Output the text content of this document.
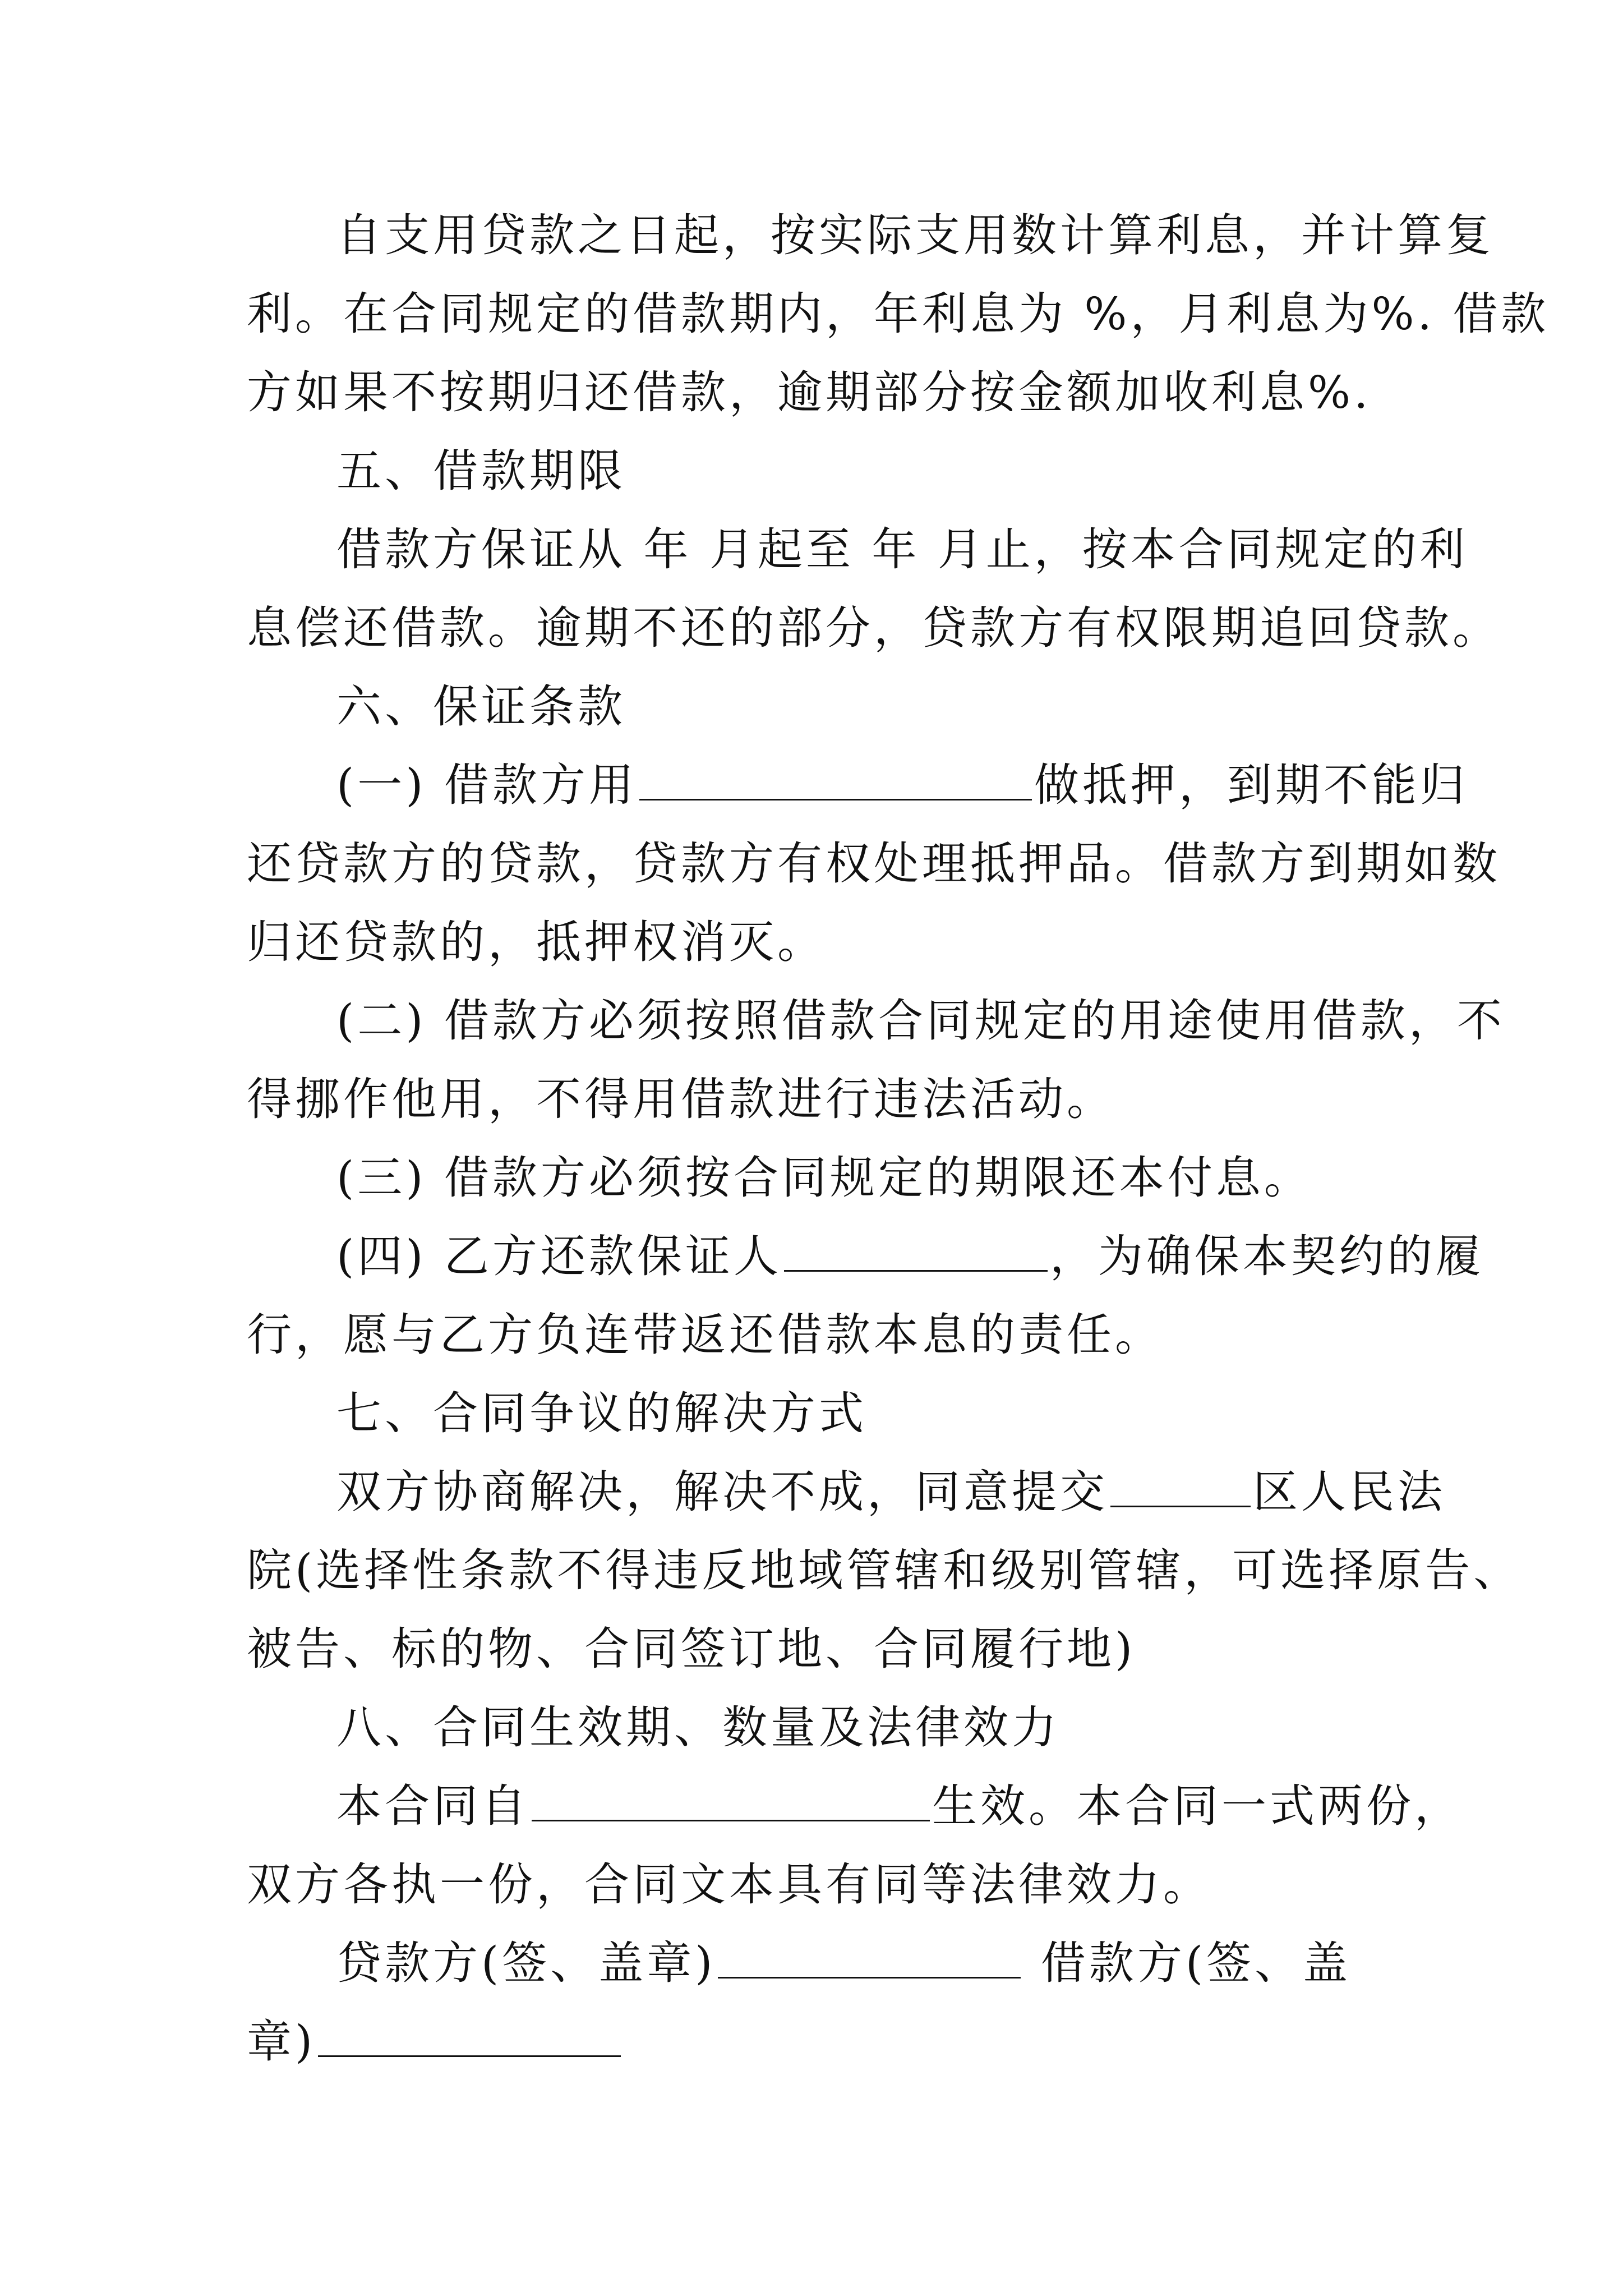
自支用贷款之日起，按实际支用数计算利息，并计算复
利。在合同规定的借款期内，年利息为 %，月利息为%. 借款
方如果不按期归还借款，逾期部分按金额加收利息%.
五、借款期限
借款方保证从 年 月起至 年 月止，按本合同规定的利
息偿还借款。逾期不还的部分，贷款方有权限期追回贷款。
六、保证条款
(一) 借款方用	做抵押，到期不能归
还贷款方的贷款，贷款方有权处理抵押品。借款方到期如数
归还贷款的，抵押权消灭。
(二) 借款方必须按照借款合同规定的用途使用借款，不
得挪作他用，不得用借款进行违法活动。
(三) 借款方必须按合同规定的期限还本付息。
(四) 乙方还款保证人	，为确保本契约的履
行，愿与乙方负连带返还借款本息的责任。
七、合同争议的解决方式
双方协商解决，解决不成，同意提交	区人民法
院(选择性条款不得违反地域管辖和级别管辖，可选择原告、
被告、标的物、合同签订地、合同履行地)
八、合同生效期、数量及法律效力
本合同自	生效。本合同一式两份，
双方各执一份，合同文本具有同等法律效力。
贷款方(签、盖章)	借款方(签、盖
章)
